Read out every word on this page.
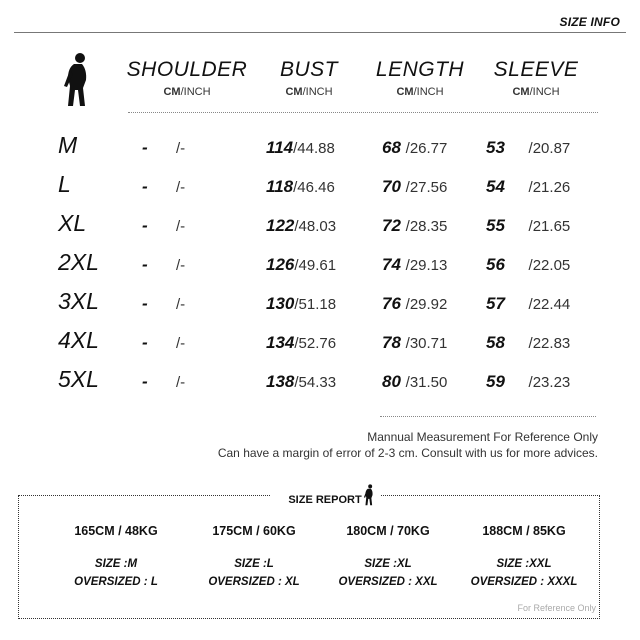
SIZE INFO
SHOULDER
CM/INCH
BUST
CM/INCH
LENGTH
CM/INCH
SLEEVE
CM/INCH
M	- /-	114/44.88	68 /26.77 53 /20.87
L	- /-	118/46.46	70 /27.56 54 /21.26
XL	- /-	122/48.03	72 /28.35 55 /21.65
2XL	- /-	126/49.61	74 /29.13 56 /22.05
3XL	- /-	130/51.18	76 /29.92 57 /22.44
4XL	- /-	134/52.76	78 /30.71 58 /22.83
5XL	- /-	138/54.33	80 /31.50 59 /23.23
Mannual Measurement For Reference Only
Can have a margin of error of 2-3 cm. Consult with us for more advices.
$_{SIZE REPORT}$
165CM / 48KG
SIZE :M
OVERSIZED : L
175CM / 60KG
SIZE :L
OVERSIZED : XL
180CM / 70KG
SIZE :XL
OVERSIZED : XXL
188CM / 85KG
SIZE :XXL
OVERSIZED : XXXL
For Reference Only
